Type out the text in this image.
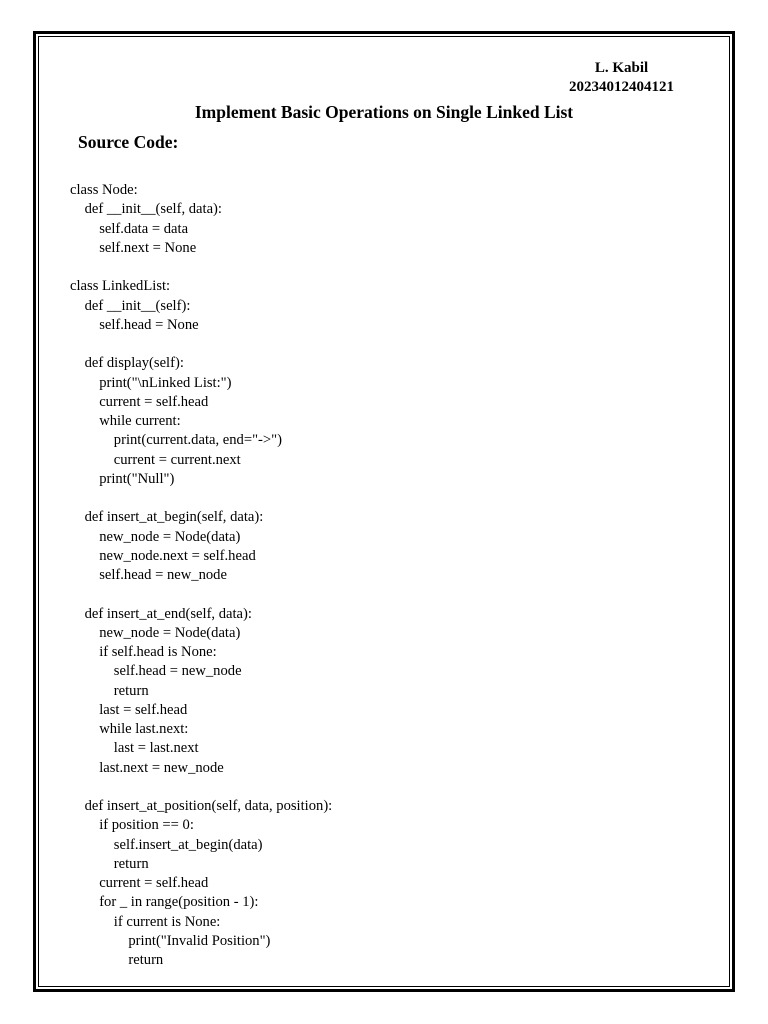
L. Kabil
20234012404121
Implement Basic Operations on Single Linked List
Source Code:
class Node:
def __init__(self, data):
self.data = data
self.next = None
class LinkedList:
def __init__(self):
self.head = None
def display(self):
print("\nLinked List:")
current = self.head
while current:
print(current.data, end="->")
current = current.next
print("Null")
def insert_at_begin(self, data):
new_node = Node(data)
new_node.next = self.head
self.head = new_node
def insert_at_end(self, data):
new_node = Node(data)
if self.head is None:
self.head = new_node
return
last = self.head
while last.next:
last = last.next
last.next = new_node
def insert_at_position(self, data, position):
if position == 0:
self.insert_at_begin(data)
return
current = self.head
for _ in range(position - 1):
if current is None:
print("Invalid Position")
return
